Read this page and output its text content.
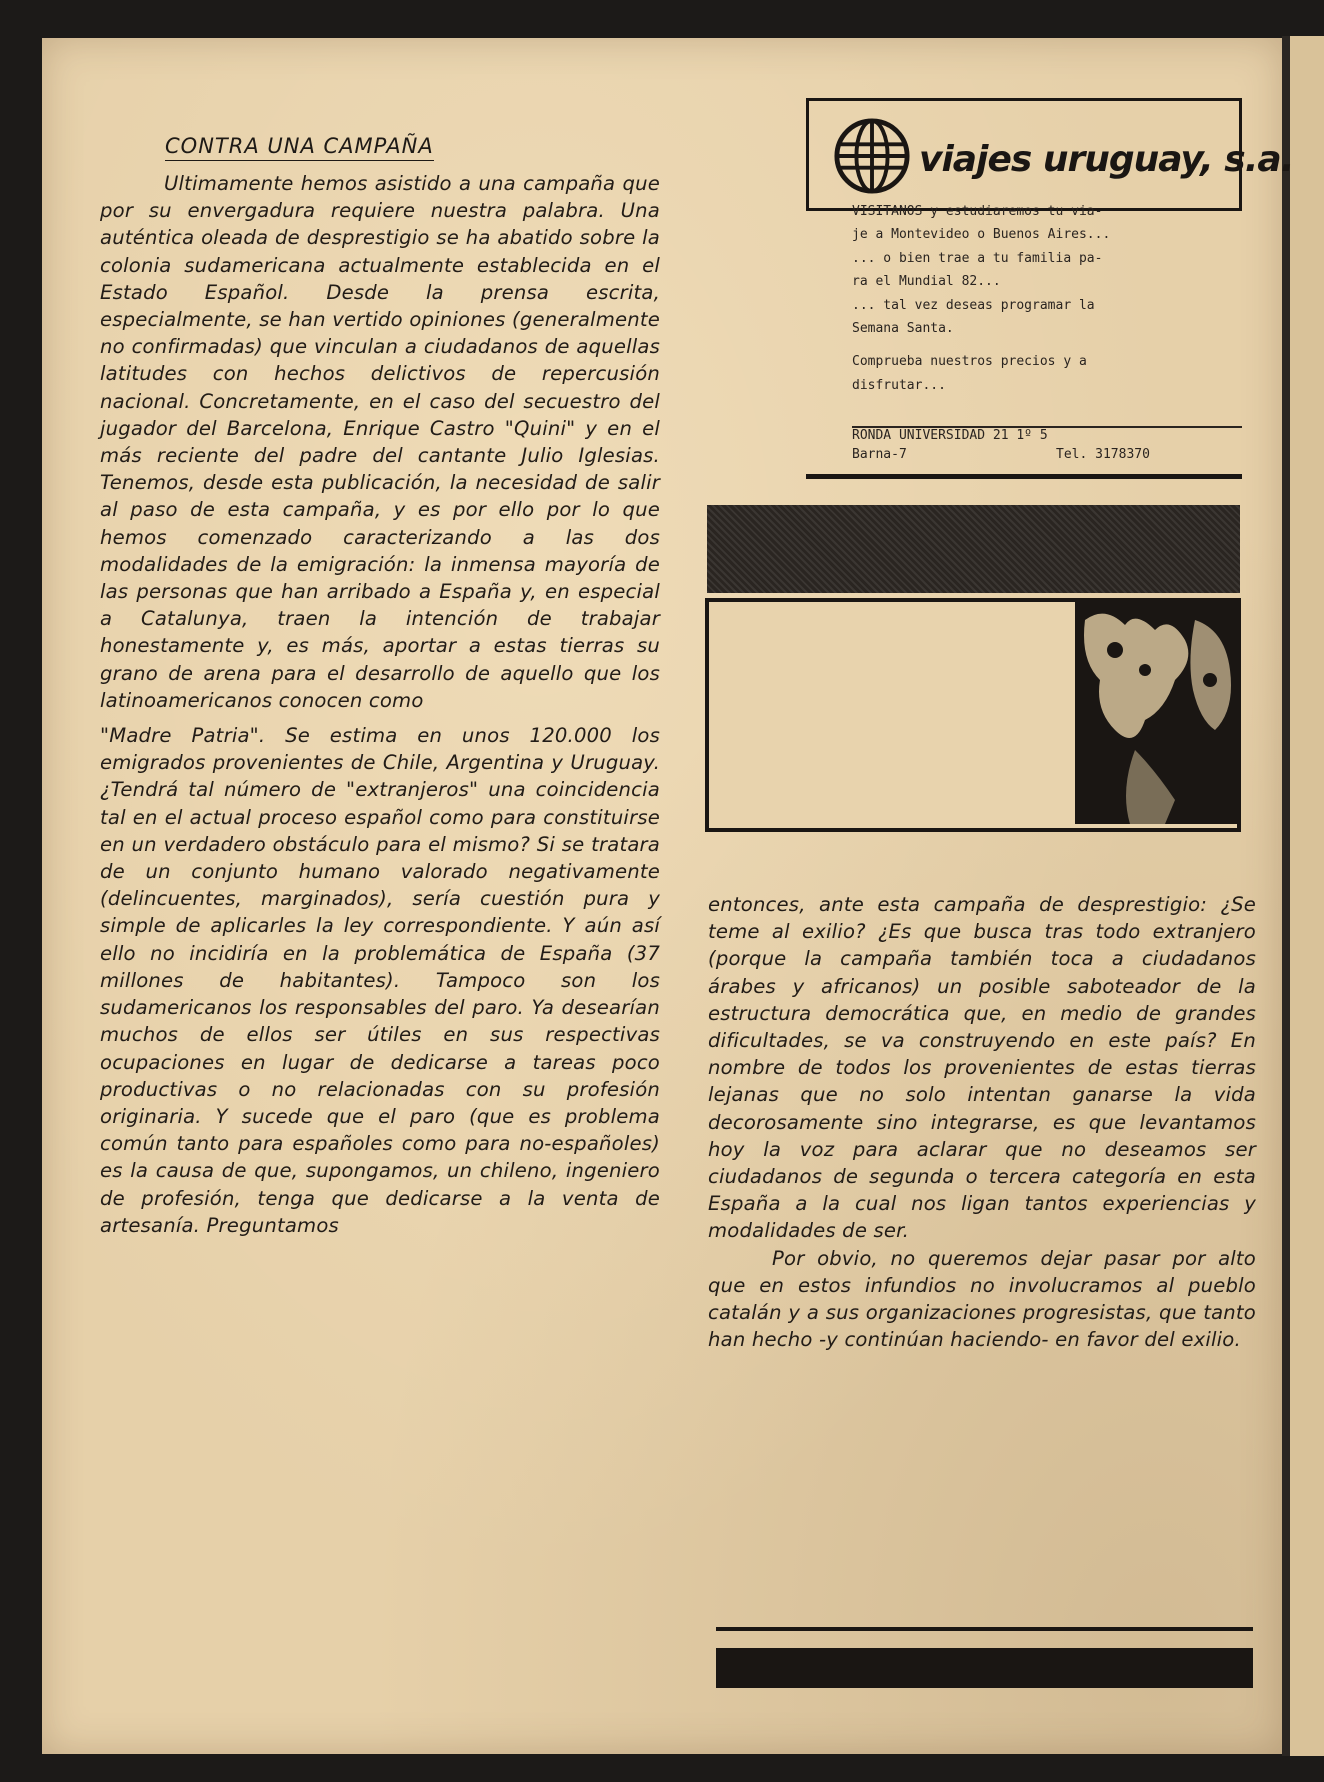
CONTRA UNA CAMPAÑA

Ultimamente hemos asistido a una campaña que por su envergadura requiere nuestra palabra. Una auténtica oleada de desprestigio se ha abatido sobre la colonia sudamericana actualmente establecida en el Estado Español. Desde la prensa escrita, especialmente, se han vertido opiniones (generalmente no confirmadas) que vinculan a ciudadanos de aquellas latitudes con hechos delictivos de repercusión nacional. Concretamente, en el caso del secuestro del jugador del Barcelona, Enrique Castro "Quini" y en el más reciente del padre del cantante Julio Iglesias. Tenemos, desde esta publicación, la necesidad de salir al paso de esta campaña, y es por ello por lo que hemos comenzado caracterizando a las dos modalidades de la emigración: la inmensa mayoría de las personas que han arribado a España y, en especial a Catalunya, traen la intención de trabajar honestamente y, es más, aportar a estas tierras su grano de arena para el desarrollo de aquello que los latinoamericanos conocen como

"Madre Patria". Se estima en unos 120.000 los emigrados provenientes de Chile, Argentina y Uruguay. ¿Tendrá tal número de "extranjeros" una coincidencia tal en el actual proceso español como para constituirse en un verdadero obstáculo para el mismo? Si se tratara de un conjunto humano valorado negativamente (delincuentes, marginados), sería cuestión pura y simple de aplicarles la ley correspondiente. Y aún así ello no incidiría en la problemática de España (37 millones de habitantes). Tampoco son los sudamericanos los responsables del paro. Ya desearían muchos de ellos ser útiles en sus respectivas ocupaciones en lugar de dedicarse a tareas poco productivas o no relacionadas con su profesión originaria. Y sucede que el paro (que es problema común tanto para españoles como para no-españoles) es la causa de que, supongamos, un chileno, ingeniero de profesión, tenga que dedicarse a la venta de artesanía. Preguntamos

entonces, ante esta campaña de desprestigio: ¿Se teme al exilio? ¿Es que busca tras todo extranjero (porque la campaña también toca a ciudadanos árabes y africanos) un posible saboteador de la estructura democrática que, en medio de grandes dificultades, se va construyendo en este país? En nombre de todos los provenientes de estas tierras lejanas que no solo intentan ganarse la vida decorosamente sino integrarse, es que levantamos hoy la voz para aclarar que no deseamos ser ciudadanos de segunda o tercera categoría en esta España a la cual nos ligan tantos experiencias y modalidades de ser.

Por obvio, no queremos dejar pasar por alto que en estos infundios no involucramos al pueblo catalán y a sus organizaciones progresistas, que tanto han hecho -y continúan haciendo- en favor del exilio.

viajes uruguay, s.a.
VISITANOS y estudiaremos tu via-
je a Montevideo o Buenos Aires...
... o bien trae a tu familia pa-
ra el Mundial 82...
... tal vez deseas programar la
Semana Santa.
Comprueba nuestros precios y a
disfrutar...
RONDA UNIVERSIDAD 21 1º 5
Barna-7	Tel. 3178370
